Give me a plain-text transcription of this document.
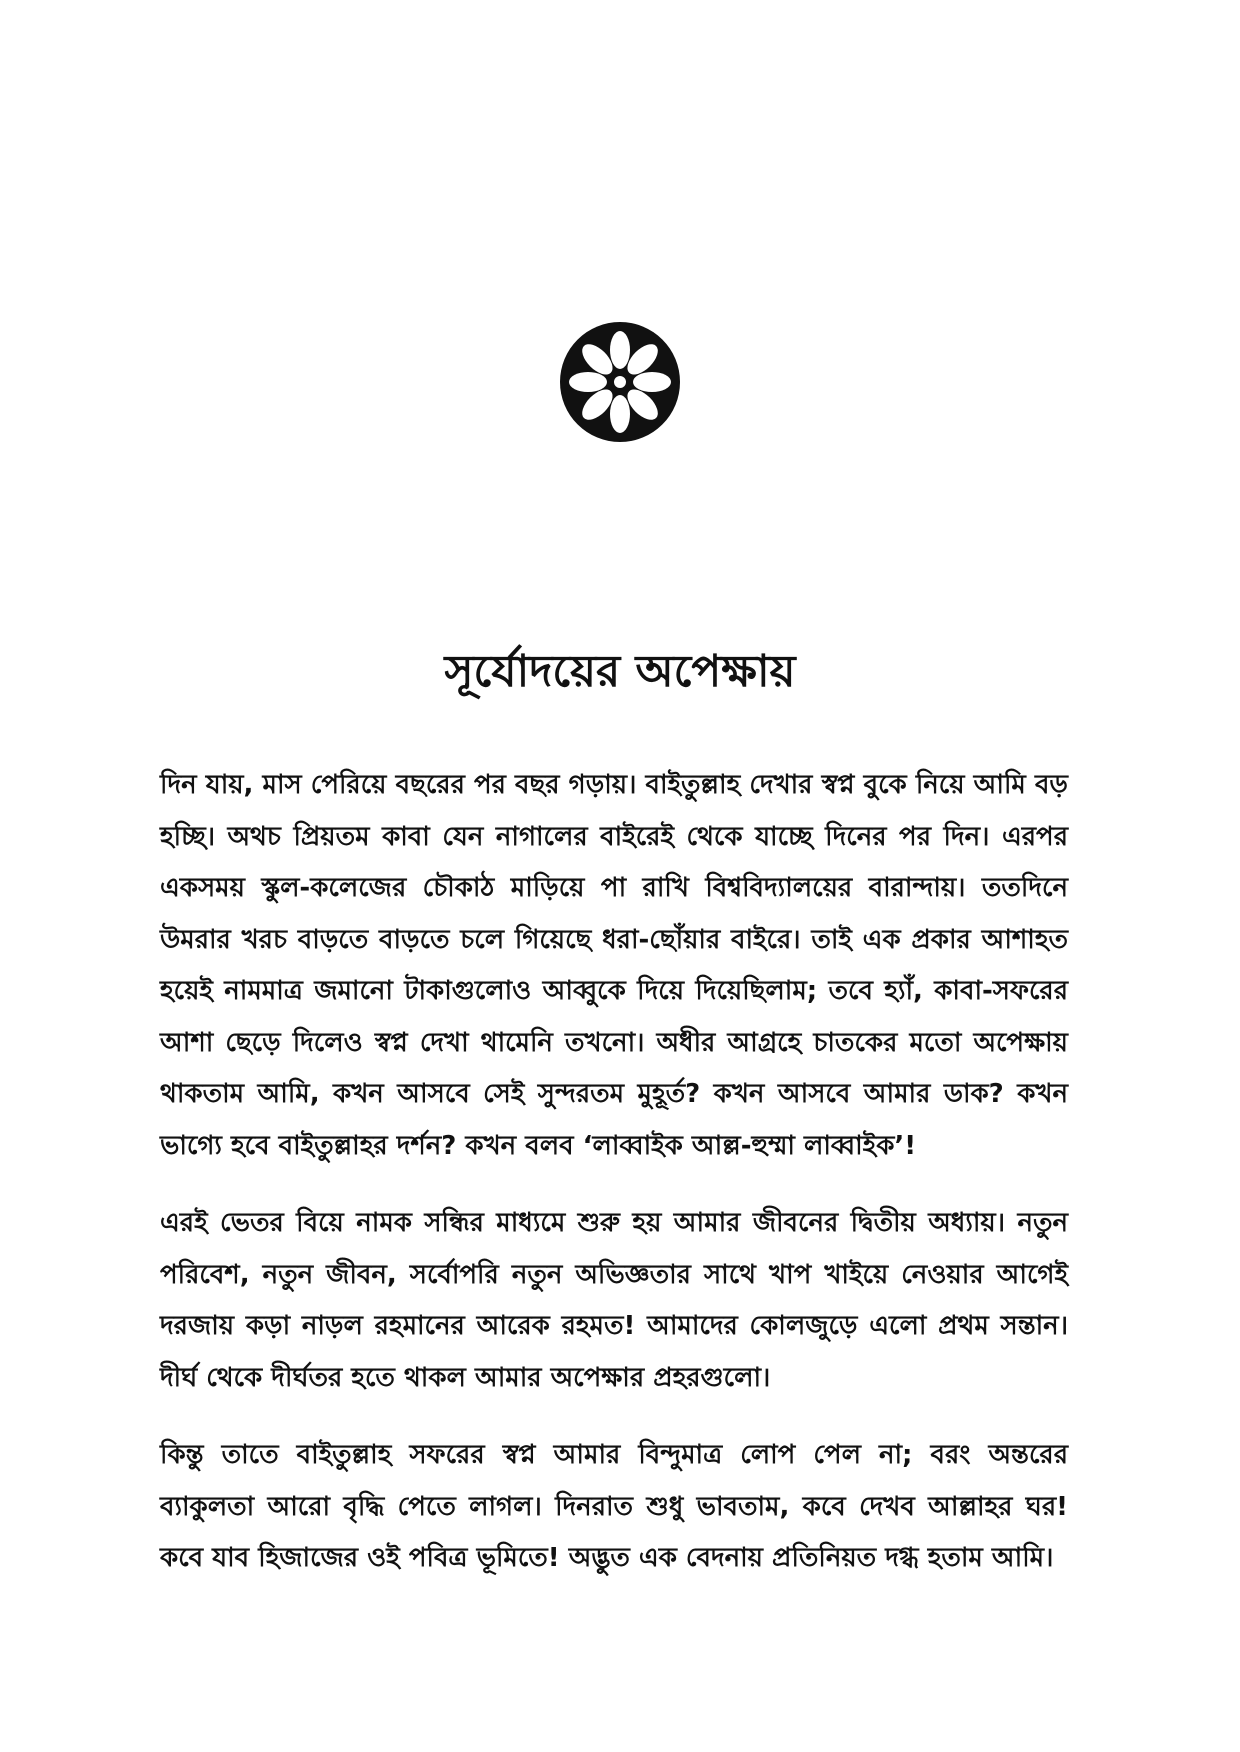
সূর্যোদয়ের অপেক্ষায়

দিন যায়, মাস পেরিয়ে বছরের পর বছর গড়ায়। বাইতুল্লাহ দেখার স্বপ্ন বুকে নিয়ে আমি বড় হচ্ছি। অথচ প্রিয়তম কাবা যেন নাগালের বাইরেই থেকে যাচ্ছে দিনের পর দিন। এরপর একসময় স্কুল-কলেজের চৌকাঠ মাড়িয়ে পা রাখি বিশ্ববিদ্যালয়ের বারান্দায়। ততদিনে উমরার খরচ বাড়তে বাড়তে চলে গিয়েছে ধরা-ছোঁয়ার বাইরে। তাই এক প্রকার আশাহত হয়েই নামমাত্র জমানো টাকাগুলোও আব্বুকে দিয়ে দিয়েছিলাম; তবে হ্যাঁ, কাবা-সফরের আশা ছেড়ে দিলেও স্বপ্ন দেখা থামেনি তখনো। অধীর আগ্রহে চাতকের মতো অপেক্ষায় থাকতাম আমি, কখন আসবে সেই সুন্দরতম মুহূর্ত? কখন আসবে আমার ডাক? কখন ভাগ্যে হবে বাইতুল্লাহর দর্শন? কখন বলব ‘লাব্বাইক আল্ল-হুম্মা লাব্বাইক’!

এরই ভেতর বিয়ে নামক সন্ধির মাধ্যমে শুরু হয় আমার জীবনের দ্বিতীয় অধ্যায়। নতুন পরিবেশ, নতুন জীবন, সর্বোপরি নতুন অভিজ্ঞতার সাথে খাপ খাইয়ে নেওয়ার আগেই দরজায় কড়া নাড়ল রহমানের আরেক রহমত! আমাদের কোলজুড়ে এলো প্রথম সন্তান। দীর্ঘ থেকে দীর্ঘতর হতে থাকল আমার অপেক্ষার প্রহরগুলো।

কিন্তু তাতে বাইতুল্লাহ সফরের স্বপ্ন আমার বিন্দুমাত্র লোপ পেল না; বরং অন্তরের ব্যাকুলতা আরো বৃদ্ধি পেতে লাগল। দিনরাত শুধু ভাবতাম, কবে দেখব আল্লাহর ঘর! কবে যাব হিজাজের ওই পবিত্র ভূমিতে! অদ্ভুত এক বেদনায় প্রতিনিয়ত দগ্ধ হতাম আমি।
